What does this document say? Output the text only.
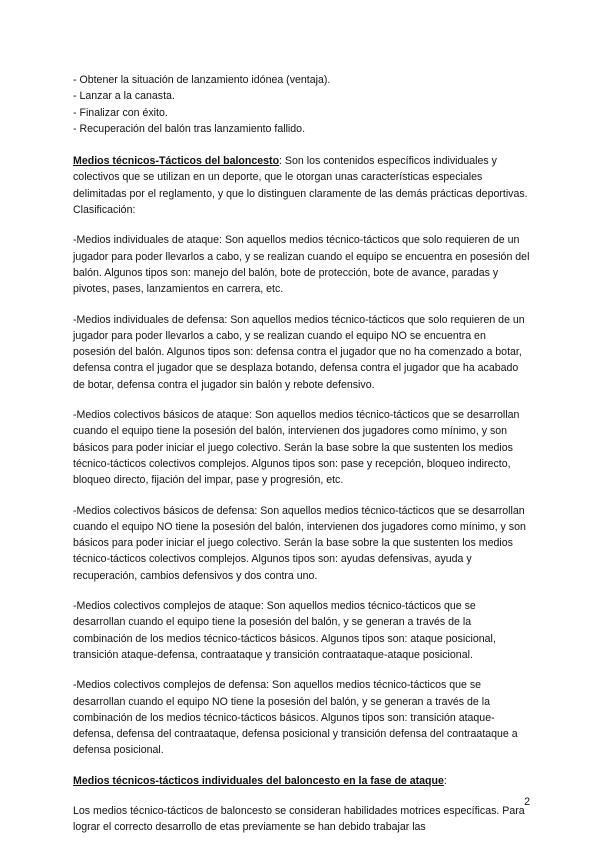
- Obtener la situación de lanzamiento idónea (ventaja).

- Lanzar a la canasta.

- Finalizar con éxito.

- Recuperación del balón tras lanzamiento fallido.

Medios técnicos-Tácticos del baloncesto: Son los contenidos específicos individuales y colectivos que se utilizan en un deporte, que le otorgan unas características especiales delimitadas por el reglamento, y que lo distinguen claramente de las demás prácticas deportivas. Clasificación:

-Medios individuales de ataque: Son aquellos medios técnico-tácticos que solo requieren de un jugador para poder llevarlos a cabo, y se realizan cuando el equipo se encuentra en posesión del balón. Algunos tipos son: manejo del balón, bote de protección, bote de avance, paradas y pivotes, pases, lanzamientos en carrera, etc.

-Medios individuales de defensa: Son aquellos medios técnico-tácticos que solo requieren de un jugador para poder llevarlos a cabo, y se realizan cuando el equipo NO se encuentra en posesión del balón. Algunos tipos son: defensa contra el jugador que no ha comenzado a botar, defensa contra el jugador que se desplaza botando, defensa contra el jugador que ha acabado de botar, defensa contra el jugador sin balón y rebote defensivo.

-Medios colectivos básicos de ataque: Son aquellos medios técnico-tácticos que se desarrollan cuando el equipo tiene la posesión del balón, intervienen dos jugadores como mínimo, y son básicos para poder iniciar el juego colectivo. Serán la base sobre la que sustenten los medios técnico-tácticos colectivos complejos. Algunos tipos son: pase y recepción, bloqueo indirecto, bloqueo directo, fijación del impar, pase y progresión, etc.

-Medios colectivos básicos de defensa: Son aquellos medios técnico-tácticos que se desarrollan cuando el equipo NO tiene la posesión del balón, intervienen dos jugadores como mínimo, y son básicos para poder iniciar el juego colectivo. Serán la base sobre la que sustenten los medios técnico-tácticos colectivos complejos. Algunos tipos son: ayudas defensivas, ayuda y recuperación, cambios defensivos y dos contra uno.

-Medios colectivos complejos de ataque: Son aquellos medios técnico-tácticos que se desarrollan cuando el equipo tiene la posesión del balón, y se generan a través de la combinación de los medios técnico-tácticos básicos. Algunos tipos son: ataque posicional, transición ataque-defensa, contraataque y transición contraataque-ataque posicional.

-Medios colectivos complejos de defensa: Son aquellos medios técnico-tácticos que se desarrollan cuando el equipo NO tiene la posesión del balón, y se generan a través de la combinación de los medios técnico-tácticos básicos. Algunos tipos son: transición ataque-defensa, defensa del contraataque, defensa posicional y transición defensa del contraataque a defensa posicional.

Medios técnicos-tácticos individuales del baloncesto en la fase de ataque:

Los medios técnico-tácticos de baloncesto se consideran habilidades motrices específicas. Para lograr el correcto desarrollo de etas previamente se han debido trabajar las

2
